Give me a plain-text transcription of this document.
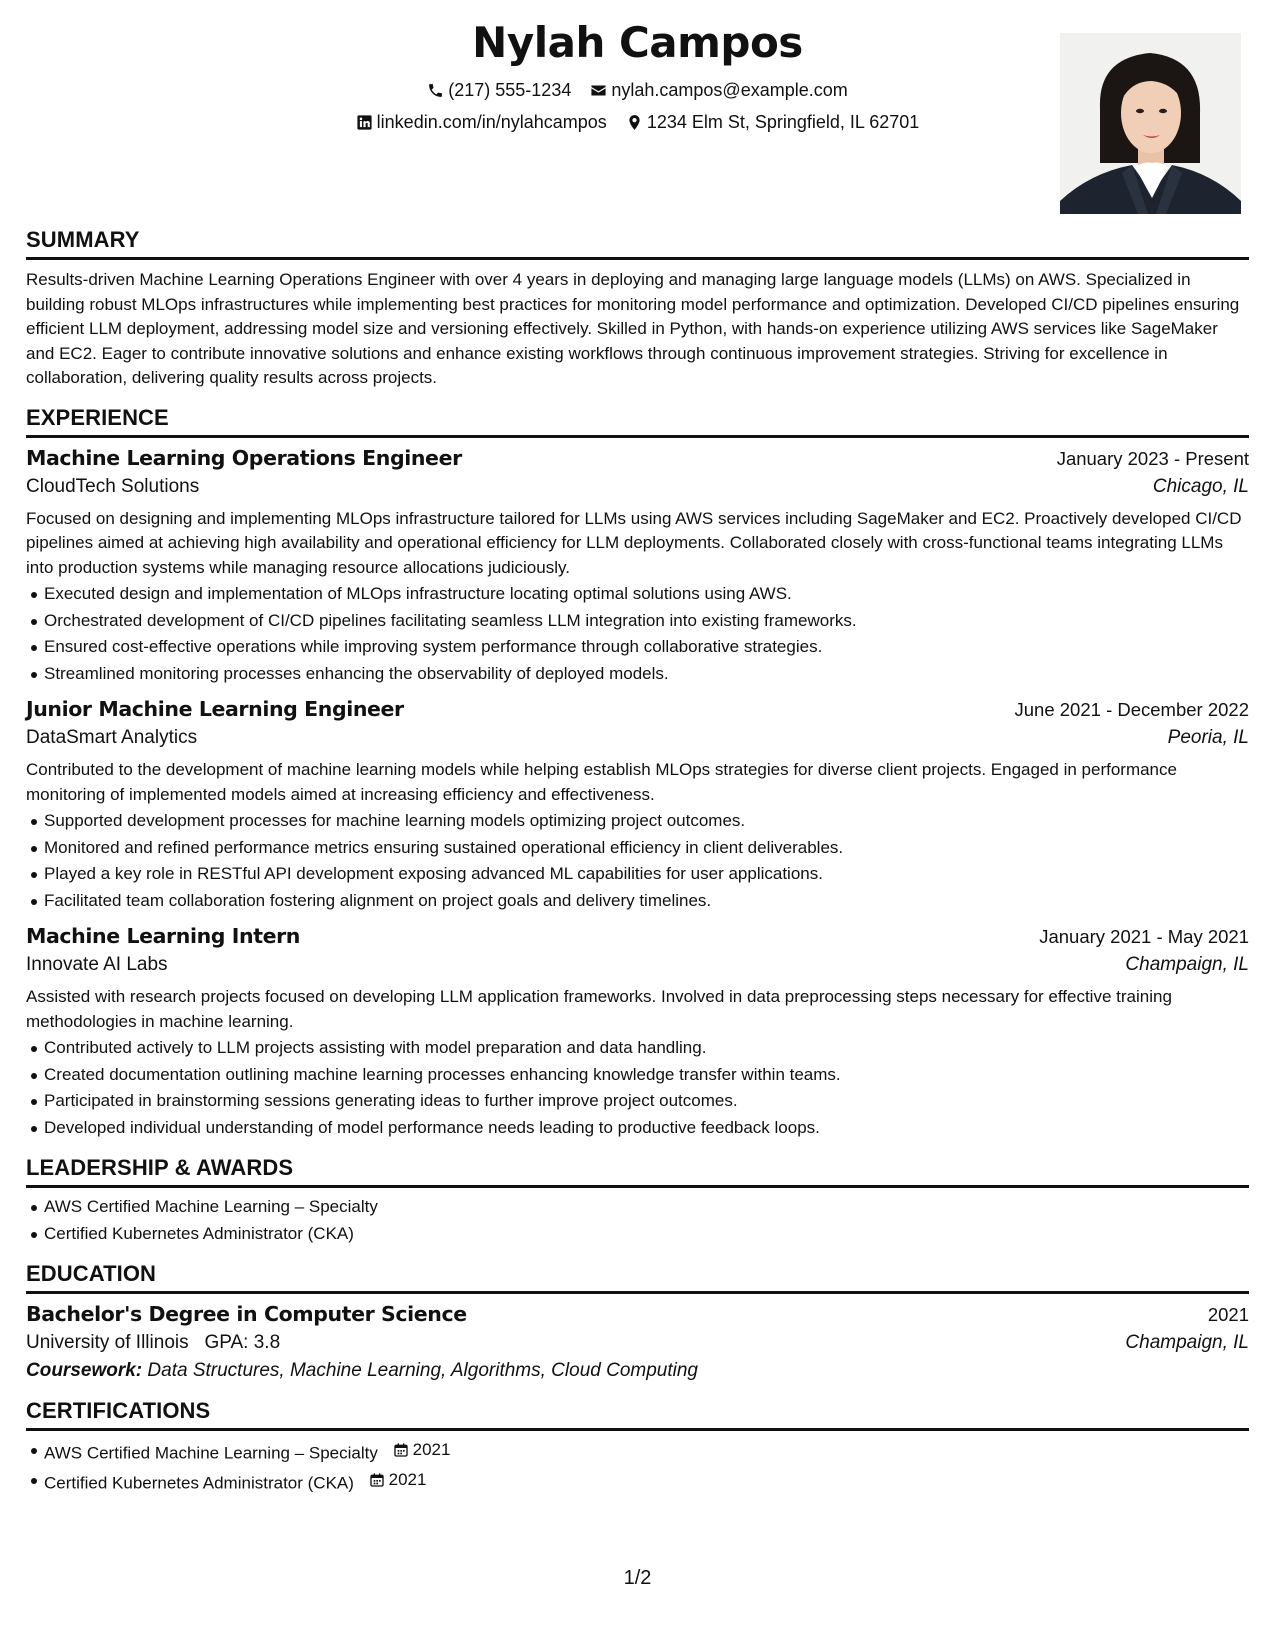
Nylah Campos
(217) 555-1234
nylah.campos@example.com
linkedin.com/in/nylahcampos
1234 Elm St, Springfield, IL 62701
SUMMARY
Results-driven Machine Learning Operations Engineer with over 4 years in deploying and managing large language models (LLMs) on AWS. Specialized in building robust MLOps infrastructures while implementing best practices for monitoring model performance and optimization. Developed CI/CD pipelines ensuring efficient LLM deployment, addressing model size and versioning effectively. Skilled in Python, with hands-on experience utilizing AWS services like SageMaker and EC2. Eager to contribute innovative solutions and enhance existing workflows through continuous improvement strategies. Striving for excellence in collaboration, delivering quality results across projects.
EXPERIENCE
Machine Learning Operations Engineer	January 2023 - Present
CloudTech Solutions	Chicago, IL
Focused on designing and implementing MLOps infrastructure tailored for LLMs using AWS services including SageMaker and EC2. Proactively developed CI/CD pipelines aimed at achieving high availability and operational efficiency for LLM deployments. Collaborated closely with cross-functional teams integrating LLMs into production systems while managing resource allocations judiciously.
Executed design and implementation of MLOps infrastructure locating optimal solutions using AWS.
Orchestrated development of CI/CD pipelines facilitating seamless LLM integration into existing frameworks.
Ensured cost-effective operations while improving system performance through collaborative strategies.
Streamlined monitoring processes enhancing the observability of deployed models.
Junior Machine Learning Engineer	June 2021 - December 2022
DataSmart Analytics	Peoria, IL
Contributed to the development of machine learning models while helping establish MLOps strategies for diverse client projects. Engaged in performance monitoring of implemented models aimed at increasing efficiency and effectiveness.
Supported development processes for machine learning models optimizing project outcomes.
Monitored and refined performance metrics ensuring sustained operational efficiency in client deliverables.
Played a key role in RESTful API development exposing advanced ML capabilities for user applications.
Facilitated team collaboration fostering alignment on project goals and delivery timelines.
Machine Learning Intern	January 2021 - May 2021
Innovate AI Labs	Champaign, IL
Assisted with research projects focused on developing LLM application frameworks. Involved in data preprocessing steps necessary for effective training methodologies in machine learning.
Contributed actively to LLM projects assisting with model preparation and data handling.
Created documentation outlining machine learning processes enhancing knowledge transfer within teams.
Participated in brainstorming sessions generating ideas to further improve project outcomes.
Developed individual understanding of model performance needs leading to productive feedback loops.
LEADERSHIP & AWARDS
AWS Certified Machine Learning – Specialty
Certified Kubernetes Administrator (CKA)
EDUCATION
Bachelor's Degree in Computer Science	2021
University of Illinois GPA: 3.8	Champaign, IL
Coursework: Data Structures, Machine Learning, Algorithms, Cloud Computing
CERTIFICATIONS
AWS Certified Machine Learning – Specialty 2021
Certified Kubernetes Administrator (CKA) 2021
1/2
